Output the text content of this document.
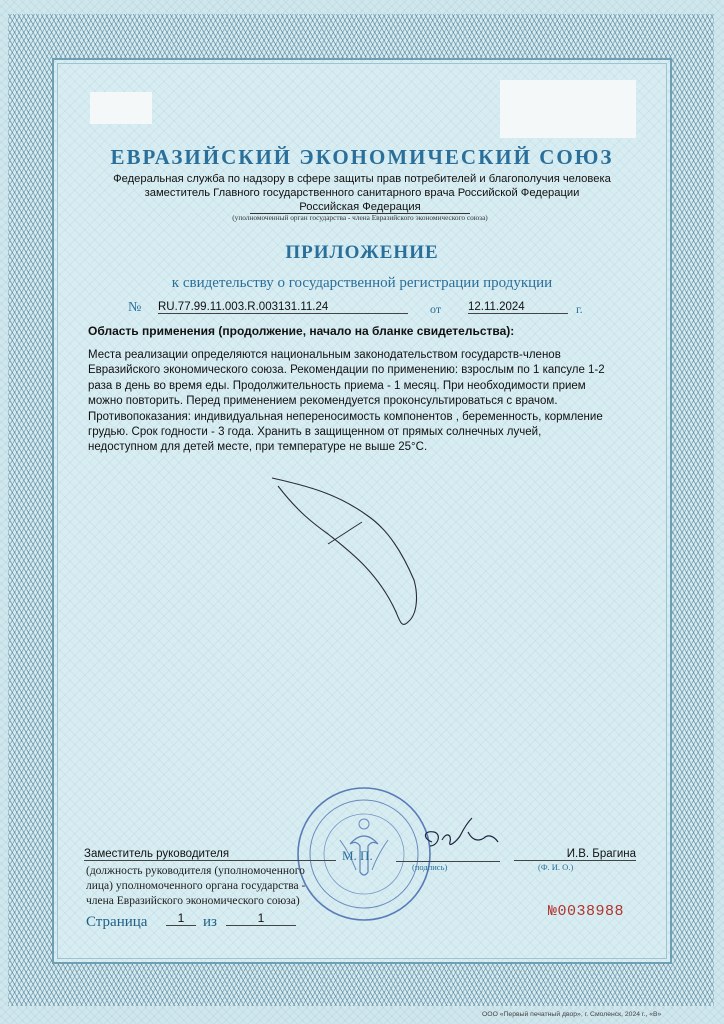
ЕВРАЗИЙСКИЙ ЭКОНОМИЧЕСКИЙ СОЮЗ
Федеральная служба по надзору в сфере защиты прав потребителей и благополучия человека
заместитель Главного государственного санитарного врача Российской Федерации
Российская Федерация
(уполномоченный орган государства - члена Евразийского экономического союза)
ПРИЛОЖЕНИЕ
к свидетельству о государственной регистрации продукции
№ RU.77.99.11.003.R.003131.11.24	от 12.11.2024	г.
Область применения (продолжение, начало на бланке свидетельства):
Места реализации определяются национальным законодательством государств-членов
Евразийского экономического союза. Рекомендации по применению: взрослым по 1 капсуле 1-2
раза в день во время еды. Продолжительность приема - 1 месяц. При необходимости прием
можно повторить. Перед применением рекомендуется проконсультироваться с врачом.
Противопоказания: индивидуальная непереносимость компонентов , беременность, кормление
грудью. Срок годности - 3 года. Хранить в защищенном от прямых солнечных лучей,
недоступном для детей месте, при температуре не выше 25°С.
Заместитель руководителя	М. П.
(подпись)
И.В. Брагина
(Ф. И. О.)
(должность руководителя (уполномоченного
лица) уполномоченного органа государства -
члена Евразийского экономического союза)
Страница	1	из	1	№0038988
ООО «Первый печатный двор», г. Смоленск, 2024 г., «В»
